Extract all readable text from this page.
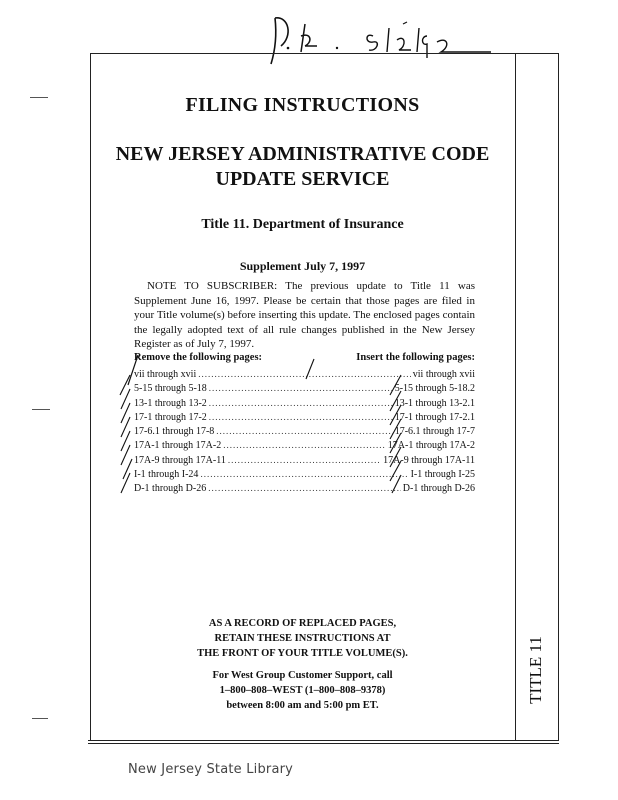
TITLE 11
FILING INSTRUCTIONS
NEW JERSEY ADMINISTRATIVE CODE
UPDATE SERVICE
Title 11. Department of Insurance
Supplement July 7, 1997
NOTE TO SUBSCRIBER: The previous update to Title 11 was Supplement June 16, 1997. Please be certain that those pages are filed in your Title volume(s) before inserting this update. The enclosed pages contain the legally adopted text of all rule changes published in the New Jersey Register as of July 7, 1997.
Remove the following pages:	Insert the following pages:
vii through xvii .....	vii through xvii
5-15 through 5-18 .....	5-15 through 5-18.2
13-1 through 13-2 .....	13-1 through 13-2.1
17-1 through 17-2 .....	17-1 through 17-2.1
17-6.1 through 17-8 .....	17-6.1 through 17-7
17A-1 through 17A-2 .....	17A-1 through 17A-2
17A-9 through 17A-11 .....	17A-9 through 17A-11
I-1 through I-24 .....	I-1 through I-25
D-1 through D-26 .....	D-1 through D-26
AS A RECORD OF REPLACED PAGES,
RETAIN THESE INSTRUCTIONS AT
THE FRONT OF YOUR TITLE VOLUME(S).
For West Group Customer Support, call
1–800–808–WEST (1–800–808–9378)
between 8:00 am and 5:00 pm ET.
New Jersey State Library
